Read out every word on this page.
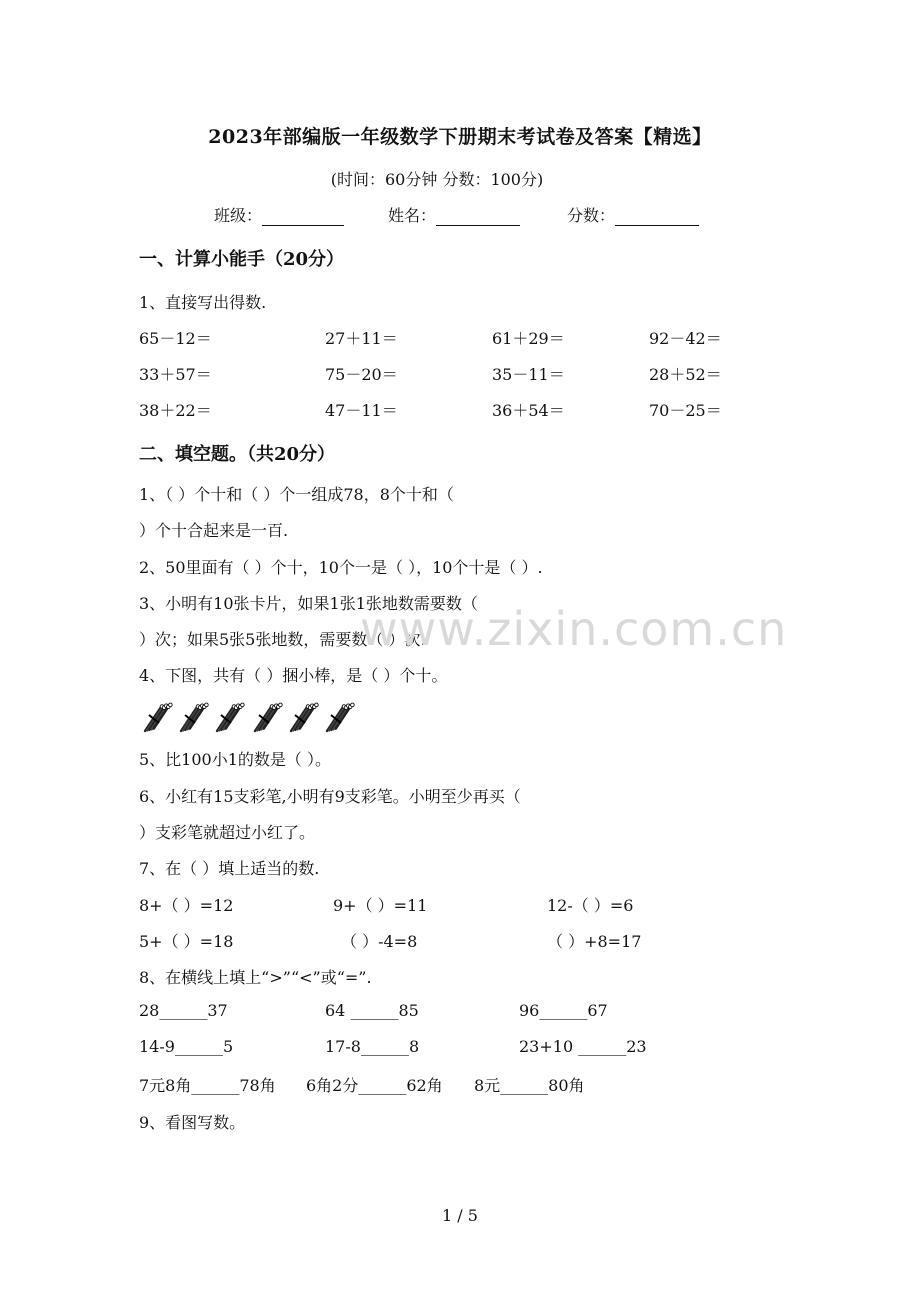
2023年部编版一年级数学下册期末考试卷及答案【精选】
(时间：60分钟 分数：100分)
班级：	姓名：	分数：
一、计算小能手（20分）
1、直接写出得数.
65－12＝	27＋11＝	61＋29＝	92－42＝
33＋57＝	75－20＝	35－11＝	28＋52＝
38＋22＝	47－11＝	36＋54＝	70－25＝
二、填空题。（共20分）
1、（ ）个十和（ ）个一组成78，8个十和（
）个十合起来是一百.
2、50里面有（ ）个十，10个一是（ ），10个十是（ ）.
3、小明有10张卡片，如果1张1张地数需要数（
）次；如果5张5张地数，需要数（ ）次.
4、下图，共有（ ）捆小棒，是（ ）个十。
5、比100小1的数是（ ）。
6、小红有15支彩笔,小明有9支彩笔。小明至少再买（
）支彩笔就超过小红了。
7、在（ ）填上适当的数.
8+（ ）=12	9+（ ）=11	12-（ ）=6
5+（ ）=18	（ ）-4=8	（ ）+8=17
8、在横线上填上“>”“<”或“=”.
28______37	64 ______85	96______67
14-9______5	17-8______8	23+10 ______23
7元8角______78角 6角2分______62角 8元______80角
9、看图写数。
www.zixin.com.cn
1 / 5
